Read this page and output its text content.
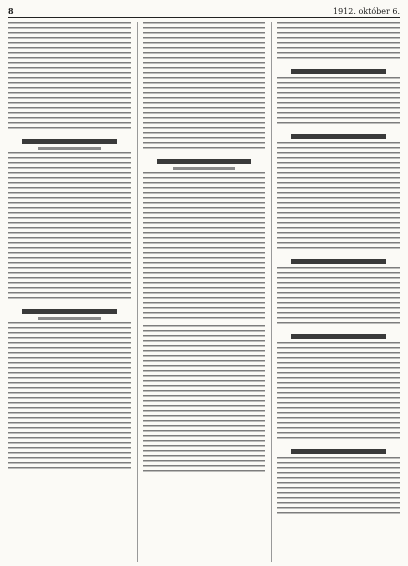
8	1912. október 6.
